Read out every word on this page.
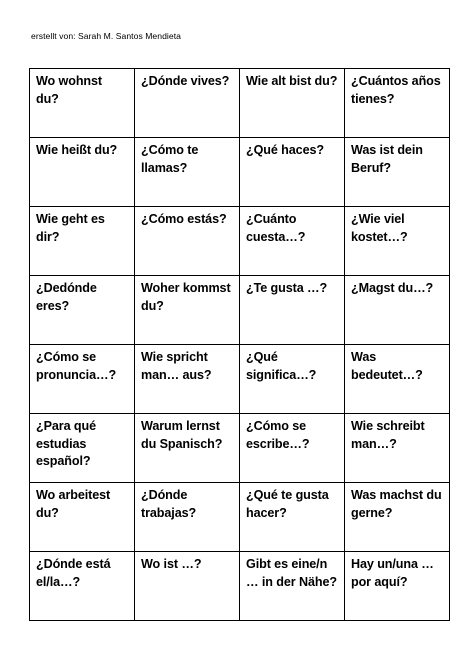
erstellt von: Sarah M. Santos Mendieta
Wo wohnst du?	¿Dónde vives?	Wie alt bist du?	¿Cuántos años
tienes?

Wie heißt du?	¿Cómo te
llamas?	¿Qué haces?	Was ist dein
Beruf?

Wie geht es
dir?	¿Cómo estás?	¿Cuánto
cuesta…?	¿Wie viel
kostet…?

¿Dedónde
eres?	Woher kommst
du?	¿Te gusta …?	¿Magst du…?

¿Cómo se
pronuncia…?	Wie spricht
man… aus?	¿Qué
significa…?	Was
bedeutet…?

¿Para qué
estudias
español?	Warum lernst
du Spanisch?	¿Cómo se
escribe…?	Wie schreibt
man…?

Wo arbeitest
du?	¿Dónde
trabajas?	¿Qué te gusta
hacer?	Was machst du
gerne?

¿Dónde está
el/la…?	Wo ist …?	Gibt es eine/n
… in der Nähe?	Hay un/una …
por aquí?
